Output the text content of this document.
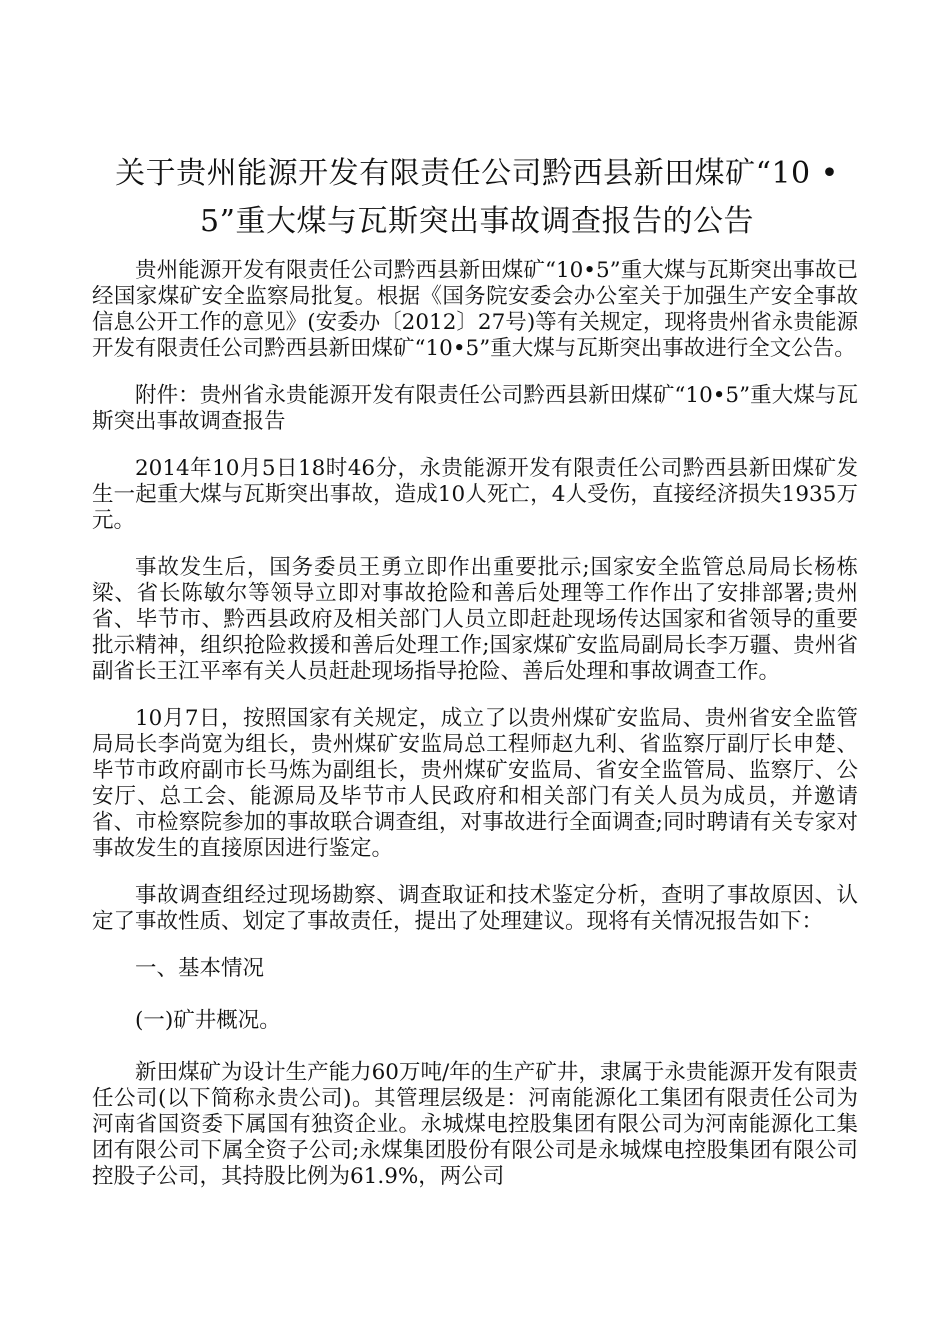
关于贵州能源开发有限责任公司黔西县新田煤矿“10 • 5”重大煤与瓦斯突出事故调查报告的公告

贵州能源开发有限责任公司黔西县新田煤矿“10•5”重大煤与瓦斯突出事故已经国家煤矿安全监察局批复。根据《国务院安委会办公室关于加强生产安全事故信息公开工作的意见》(安委办〔2012〕27号)等有关规定，现将贵州省永贵能源开发有限责任公司黔西县新田煤矿“10•5”重大煤与瓦斯突出事故进行全文公告。

附件：贵州省永贵能源开发有限责任公司黔西县新田煤矿“10•5”重大煤与瓦斯突出事故调查报告

2014年10月5日18时46分，永贵能源开发有限责任公司黔西县新田煤矿发生一起重大煤与瓦斯突出事故，造成10人死亡，4人受伤，直接经济损失1935万元。

事故发生后，国务委员王勇立即作出重要批示;国家安全监管总局局长杨栋梁、省长陈敏尔等领导立即对事故抢险和善后处理等工作作出了安排部署;贵州省、毕节市、黔西县政府及相关部门人员立即赶赴现场传达国家和省领导的重要批示精神，组织抢险救援和善后处理工作;国家煤矿安监局副局长李万疆、贵州省副省长王江平率有关人员赶赴现场指导抢险、善后处理和事故调查工作。

10月7日，按照国家有关规定，成立了以贵州煤矿安监局、贵州省安全监管局局长李尚宽为组长，贵州煤矿安监局总工程师赵九利、省监察厅副厅长申楚、毕节市政府副市长马炼为副组长，贵州煤矿安监局、省安全监管局、监察厅、公安厅、总工会、能源局及毕节市人民政府和相关部门有关人员为成员，并邀请省、市检察院参加的事故联合调查组，对事故进行全面调查;同时聘请有关专家对事故发生的直接原因进行鉴定。

事故调查组经过现场勘察、调查取证和技术鉴定分析，查明了事故原因、认定了事故性质、划定了事故责任，提出了处理建议。现将有关情况报告如下：

一、基本情况

(一)矿井概况。

新田煤矿为设计生产能力60万吨/年的生产矿井，隶属于永贵能源开发有限责任公司(以下简称永贵公司)。其管理层级是：河南能源化工集团有限责任公司为河南省国资委下属国有独资企业。永城煤电控股集团有限公司为河南能源化工集团有限公司下属全资子公司;永煤集团股份有限公司是永城煤电控股集团有限公司控股子公司，其持股比例为61.9%，两公司
